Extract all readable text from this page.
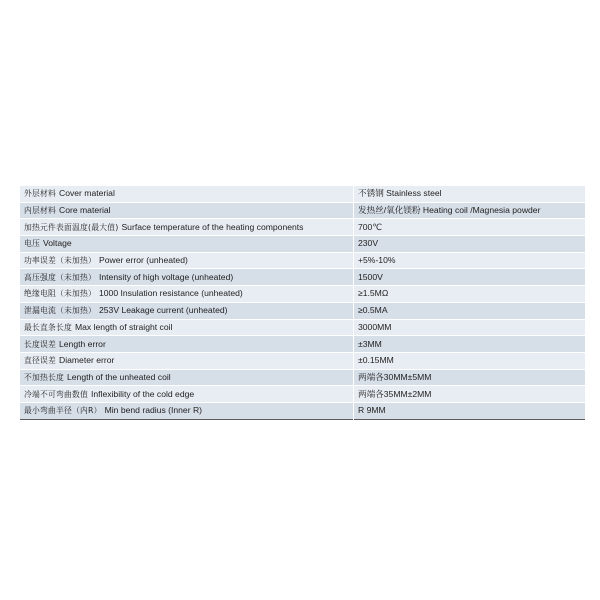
外层材料 Cover material	不锈钢 Stainless steel
内层材料 Core material	发热丝/氧化镁粉 Heating coil /Magnesia powder
加热元件表面温度(最大值) Surface temperature of the heating components	700℃
电压 Voltage	230V
功率误差（未加热） Power error (unheated)	+5%-10%
高压强度（未加热） Intensity of high voltage (unheated)	1500V
绝缘电阻（未加热） 1000 Insulation resistance (unheated)	≥1.5MΩ
泄漏电流（未加热） 253V Leakage current (unheated)	≥0.5MA
最长直条长度 Max length of straight coil	3000MM
长度误差 Length error	±3MM
直径误差 Diameter error	±0.15MM
不加热长度 Length of the unheated coil	两端各30MM±5MM
冷端不可弯曲数值 Inflexibility of the cold edge	两端各35MM±2MM
最小弯曲半径（内R） Min bend radius (Inner R)	R 9MM
